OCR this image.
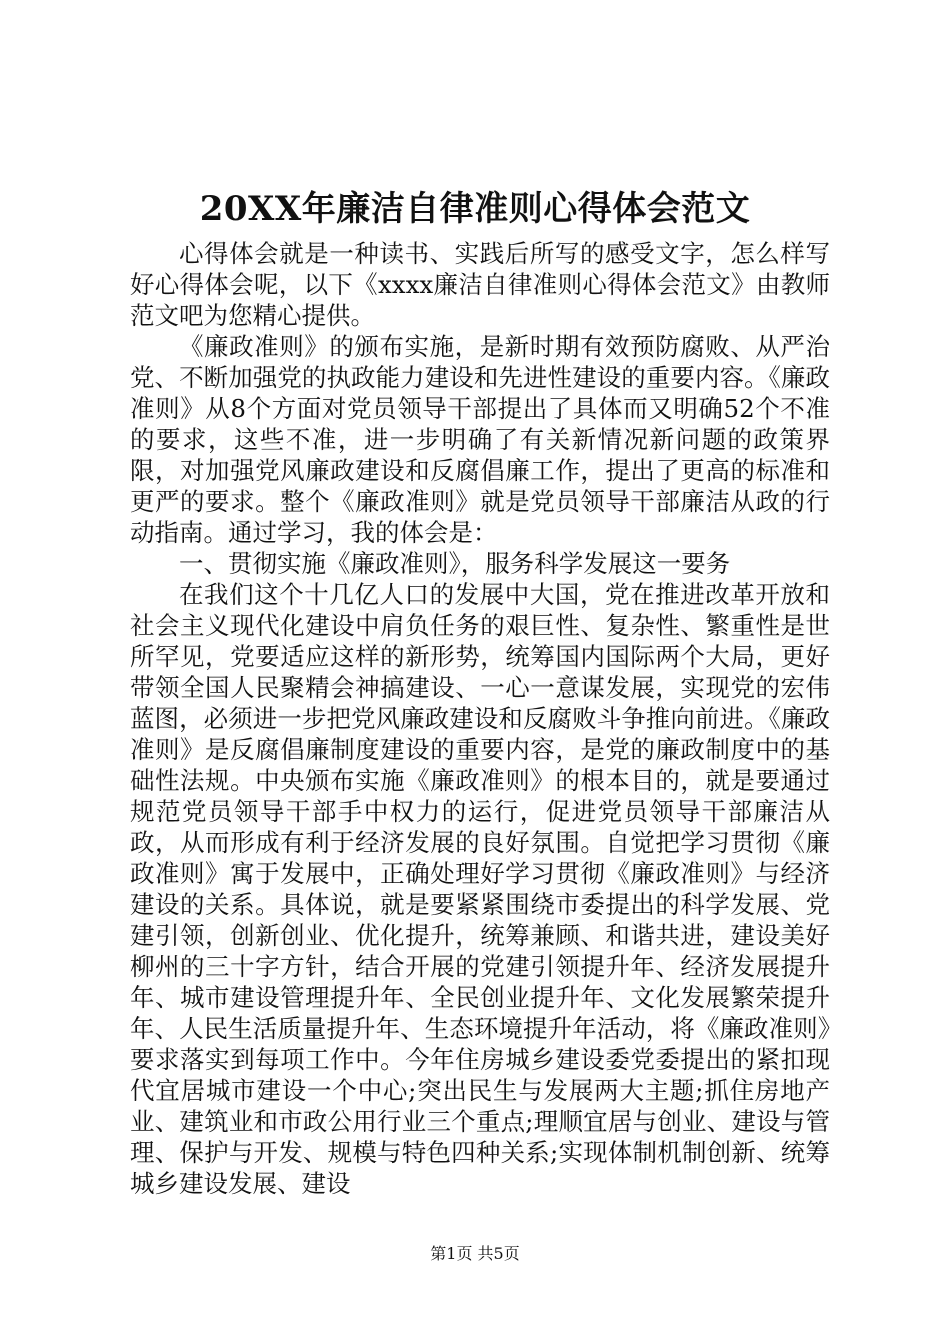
20XX年廉洁自律准则心得体会范文

心得体会就是一种读书、实践后所写的感受文字，怎么样写好心得体会呢，以下《xxxx廉洁自律准则心得体会范文》由教师范文吧为您精心提供。

《廉政准则》的颁布实施，是新时期有效预防腐败、从严治党、不断加强党的执政能力建设和先进性建设的重要内容。《廉政准则》从8个方面对党员领导干部提出了具体而又明确52个不准的要求，这些不准，进一步明确了有关新情况新问题的政策界限，对加强党风廉政建设和反腐倡廉工作，提出了更高的标准和更严的要求。整个《廉政准则》就是党员领导干部廉洁从政的行动指南。通过学习，我的体会是：

一、贯彻实施《廉政准则》，服务科学发展这一要务

在我们这个十几亿人口的发展中大国，党在推进改革开放和社会主义现代化建设中肩负任务的艰巨性、复杂性、繁重性是世所罕见，党要适应这样的新形势，统筹国内国际两个大局，更好带领全国人民聚精会神搞建设、一心一意谋发展，实现党的宏伟蓝图，必须进一步把党风廉政建设和反腐败斗争推向前进。《廉政准则》是反腐倡廉制度建设的重要内容，是党的廉政制度中的基础性法规。中央颁布实施《廉政准则》的根本目的，就是要通过规范党员领导干部手中权力的运行，促进党员领导干部廉洁从政，从而形成有利于经济发展的良好氛围。自觉把学习贯彻《廉政准则》寓于发展中，正确处理好学习贯彻《廉政准则》与经济建设的关系。具体说，就是要紧紧围绕市委提出的科学发展、党建引领，创新创业、优化提升，统筹兼顾、和谐共进，建设美好柳州的三十字方针，结合开展的党建引领提升年、经济发展提升年、城市建设管理提升年、全民创业提升年、文化发展繁荣提升年、人民生活质量提升年、生态环境提升年活动，将《廉政准则》要求落实到每项工作中。今年住房城乡建设委党委提出的紧扣现代宜居城市建设一个中心;突出民生与发展两大主题;抓住房地产业、建筑业和市政公用行业三个重点;理顺宜居与创业、建设与管理、保护与开发、规模与特色四种关系;实现体制机制创新、统筹城乡建设发展、建设

第1页 共5页
